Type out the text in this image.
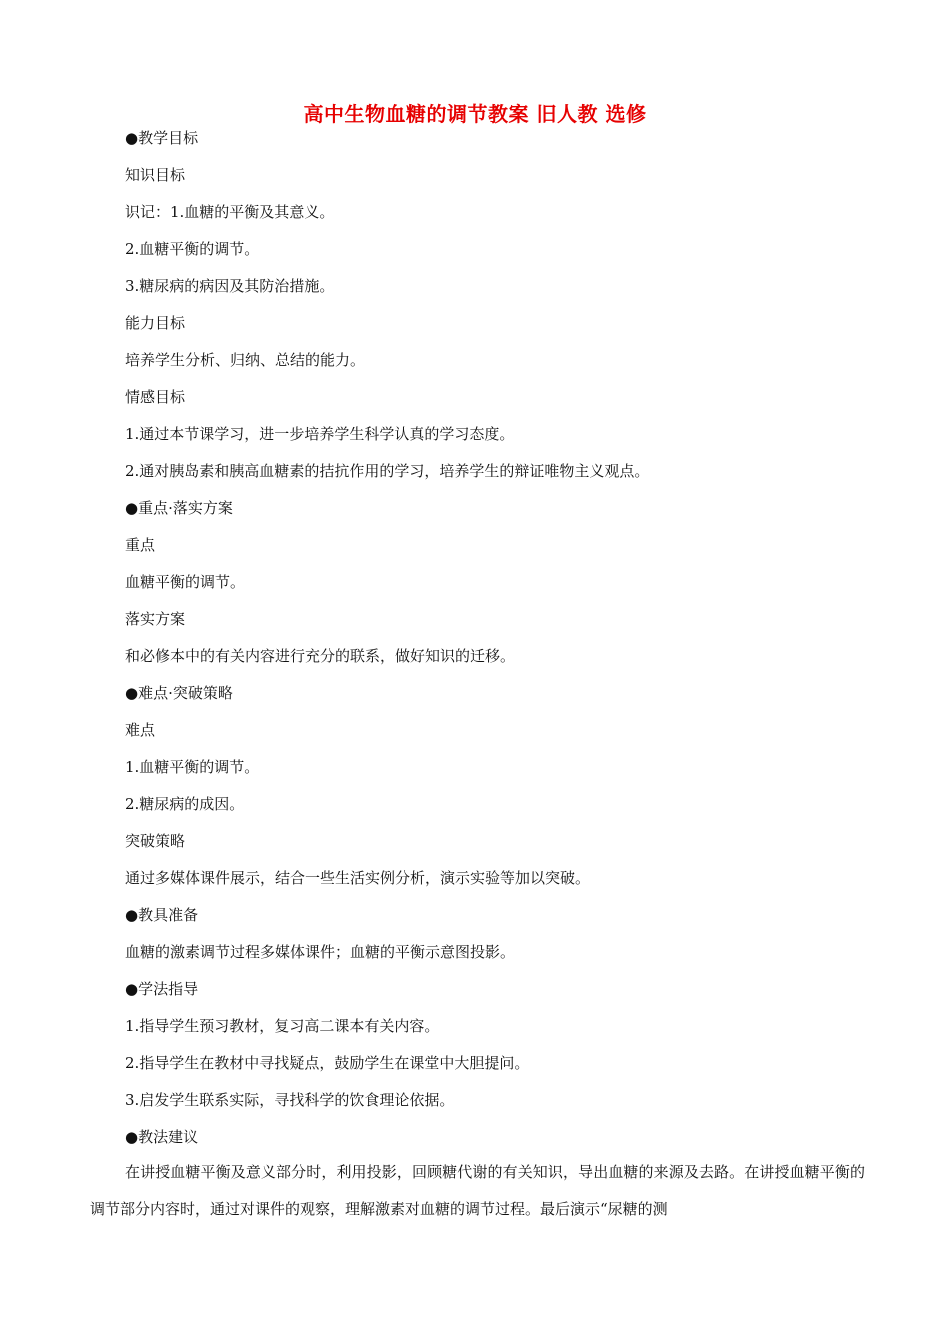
高中生物血糖的调节教案 旧人教 选修
●教学目标
知识目标
识记：1.血糖的平衡及其意义。
2.血糖平衡的调节。
3.糖尿病的病因及其防治措施。
能力目标
培养学生分析、归纳、总结的能力。
情感目标
1.通过本节课学习，进一步培养学生科学认真的学习态度。
2.通对胰岛素和胰高血糖素的拮抗作用的学习，培养学生的辩证唯物主义观点。
●重点·落实方案
重点
血糖平衡的调节。
落实方案
和必修本中的有关内容进行充分的联系，做好知识的迁移。
●难点·突破策略
难点
1.血糖平衡的调节。
2.糖尿病的成因。
突破策略
通过多媒体课件展示，结合一些生活实例分析，演示实验等加以突破。
●教具准备
血糖的激素调节过程多媒体课件；血糖的平衡示意图投影。
●学法指导
1.指导学生预习教材，复习高二课本有关内容。
2.指导学生在教材中寻找疑点，鼓励学生在课堂中大胆提问。
3.启发学生联系实际，寻找科学的饮食理论依据。
●教法建议
在讲授血糖平衡及意义部分时，利用投影，回顾糖代谢的有关知识，导出血糖的来源及去路。在讲授血糖平衡的调节部分内容时，通过对课件的观察，理解激素对血糖的调节过程。最后演示“尿糖的测
